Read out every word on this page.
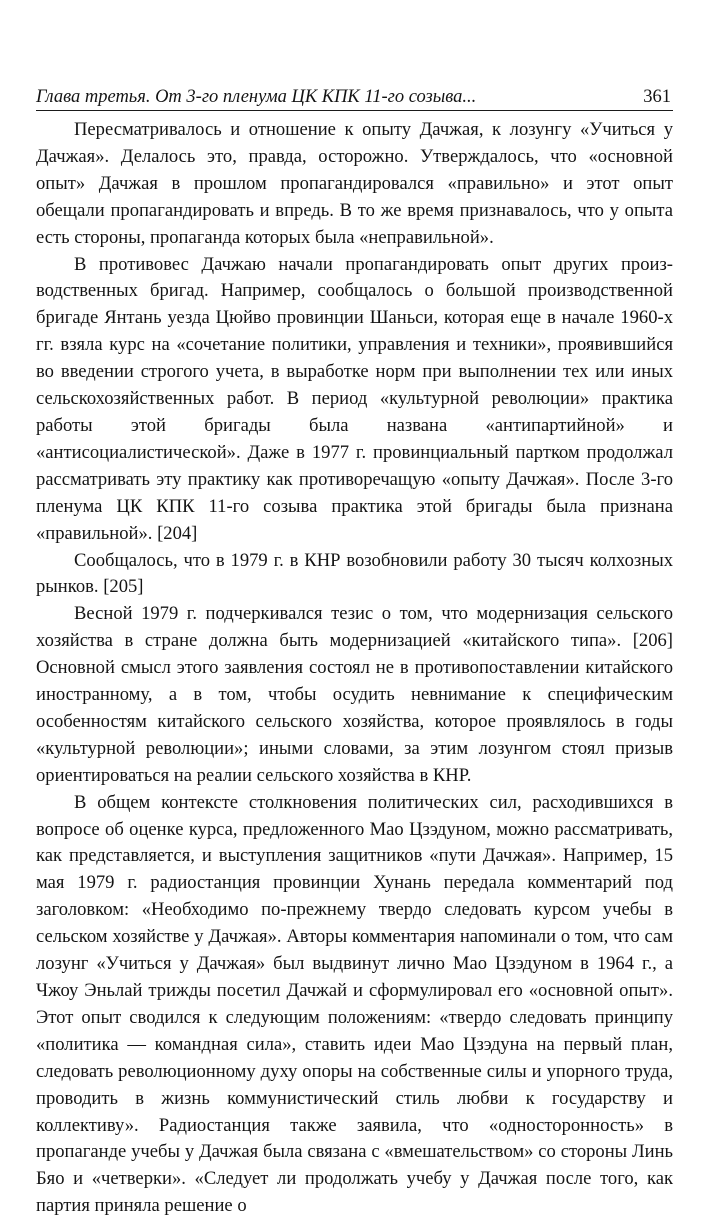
Глава третья. От 3-го пленума ЦК КПК 11-го созыва...	361

Пересматривалось и отношение к опыту Дачжая, к лозунгу «Учиться у Дачжая». Делалось это, правда, осторожно. Утверждалось, что «основной опыт» Дачжая в прошлом пропагандировался «правильно» и этот опыт обещали пропагандировать и впредь. В то же время признавалось, что у опыта есть стороны, пропаганда которых была «неправильной».

В противовес Дачжаю начали пропагандировать опыт других производственных бригад. Например, сообщалось о большой производственной бригаде Янтань уезда Цюйво провинции Шаньси, которая еще в начале 1960-х гг. взяла курс на «сочетание политики, управления и техники», проявившийся во введении строгого учета, в выработке норм при выполнении тех или иных сельскохозяйственных работ. В период «культурной революции» практика работы этой бригады была названа «антипартийной» и «антисоциалистической». Даже в 1977 г. провинциальный партком продолжал рассматривать эту практику как противоречащую «опыту Дачжая». После 3-го пленума ЦК КПК 11-го созыва практика этой бригады была признана «правильной». [204]

Сообщалось, что в 1979 г. в КНР возобновили работу 30 тысяч колхозных рынков. [205]

Весной 1979 г. подчеркивался тезис о том, что модернизация сельского хозяйства в стране должна быть модернизацией «китайского типа». [206] Основной смысл этого заявления состоял не в противопоставлении китайского иностранному, а в том, чтобы осудить невнимание к специфическим особенностям китайского сельского хозяйства, которое проявлялось в годы «культурной революции»; иными словами, за этим лозунгом стоял призыв ориентироваться на реалии сельского хозяйства в КНР.

В общем контексте столкновения политических сил, расходившихся в вопросе об оценке курса, предложенного Мао Цзэдуном, можно рассматривать, как представляется, и выступления защитников «пути Дачжая». Например, 15 мая 1979 г. радиостанция провинции Хунань передала комментарий под заголовком: «Необходимо по-прежнему твердо следовать курсом учебы в сельском хозяйстве у Дачжая». Авторы комментария напоминали о том, что сам лозунг «Учиться у Дачжая» был выдвинут лично Мао Цзэдуном в 1964 г., а Чжоу Эньлай трижды посетил Дачжай и сформулировал его «основной опыт». Этот опыт сводился к следующим положениям: «твердо следовать принципу «политика — командная сила», ставить идеи Мао Цзэдуна на первый план, следовать революционному духу опоры на собственные силы и упорного труда, проводить в жизнь коммунистический стиль любви к государству и коллективу». Радиостанция также заявила, что «односторонность» в пропаганде учебы у Дачжая была связана с «вмешательством» со стороны Линь Бяо и «четверки». «Следует ли продолжать учебу у Дачжая после того, как партия приняла решение о
